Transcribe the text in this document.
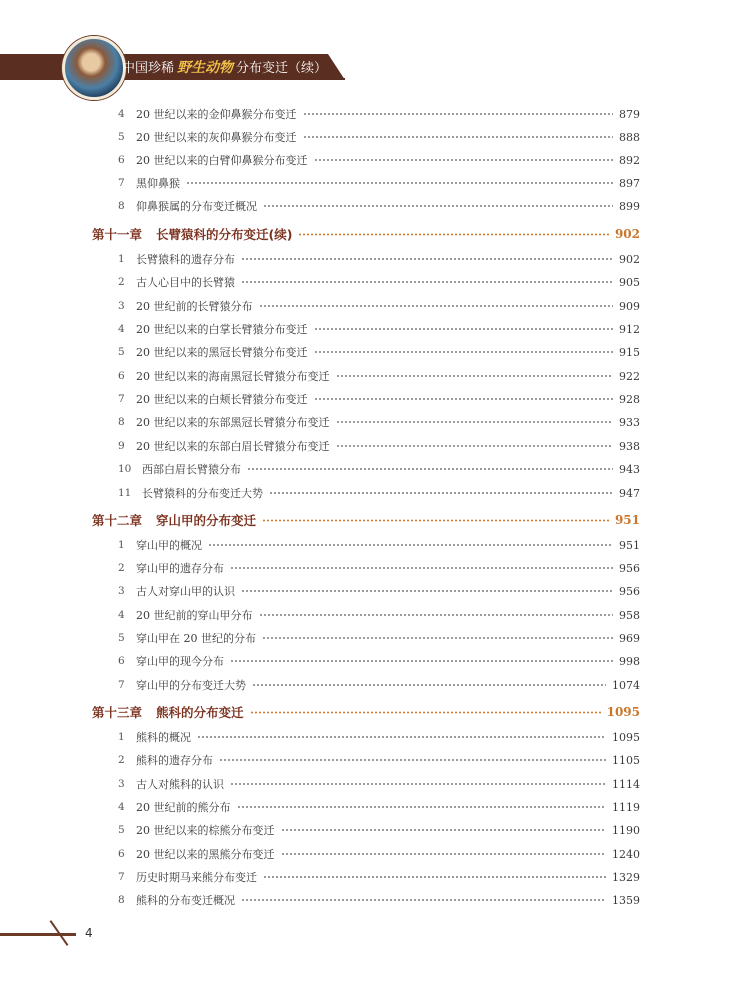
中国珍稀 野生动物 分布变迁（续）
4	20 世纪以来的金仰鼻猴分布变迁	879
5	20 世纪以来的灰仰鼻猴分布变迁	888
6	20 世纪以来的白臂仰鼻猴分布变迁	892
7	黑仰鼻猴	897
8	仰鼻猴属的分布变迁概况	899
第十一章 长臂猿科的分布变迁(续)	902
1	长臂猿科的遗存分布	902
2	古人心目中的长臂猿	905
3	20 世纪前的长臂猿分布	909
4	20 世纪以来的白掌长臂猿分布变迁	912
5	20 世纪以来的黑冠长臂猿分布变迁	915
6	20 世纪以来的海南黑冠长臂猿分布变迁	922
7	20 世纪以来的白颊长臂猿分布变迁	928
8	20 世纪以来的东部黑冠长臂猿分布变迁	933
9	20 世纪以来的东部白眉长臂猿分布变迁	938
10 西部白眉长臂猿分布	943
11 长臂猿科的分布变迁大势	947
第十二章 穿山甲的分布变迁	951
1	穿山甲的概况	951
2	穿山甲的遗存分布	956
3	古人对穿山甲的认识	956
4	20 世纪前的穿山甲分布	958
5	穿山甲在 20 世纪的分布	969
6	穿山甲的现今分布	998
7	穿山甲的分布变迁大势	1074
第十三章 熊科的分布变迁	1095
1	熊科的概况	1095
2	熊科的遗存分布	1105
3	古人对熊科的认识	1114
4	20 世纪前的熊分布	1119
5	20 世纪以来的棕熊分布变迁	1190
6	20 世纪以来的黑熊分布变迁	1240
7	历史时期马来熊分布变迁	1329
8	熊科的分布变迁概况	1359
4
